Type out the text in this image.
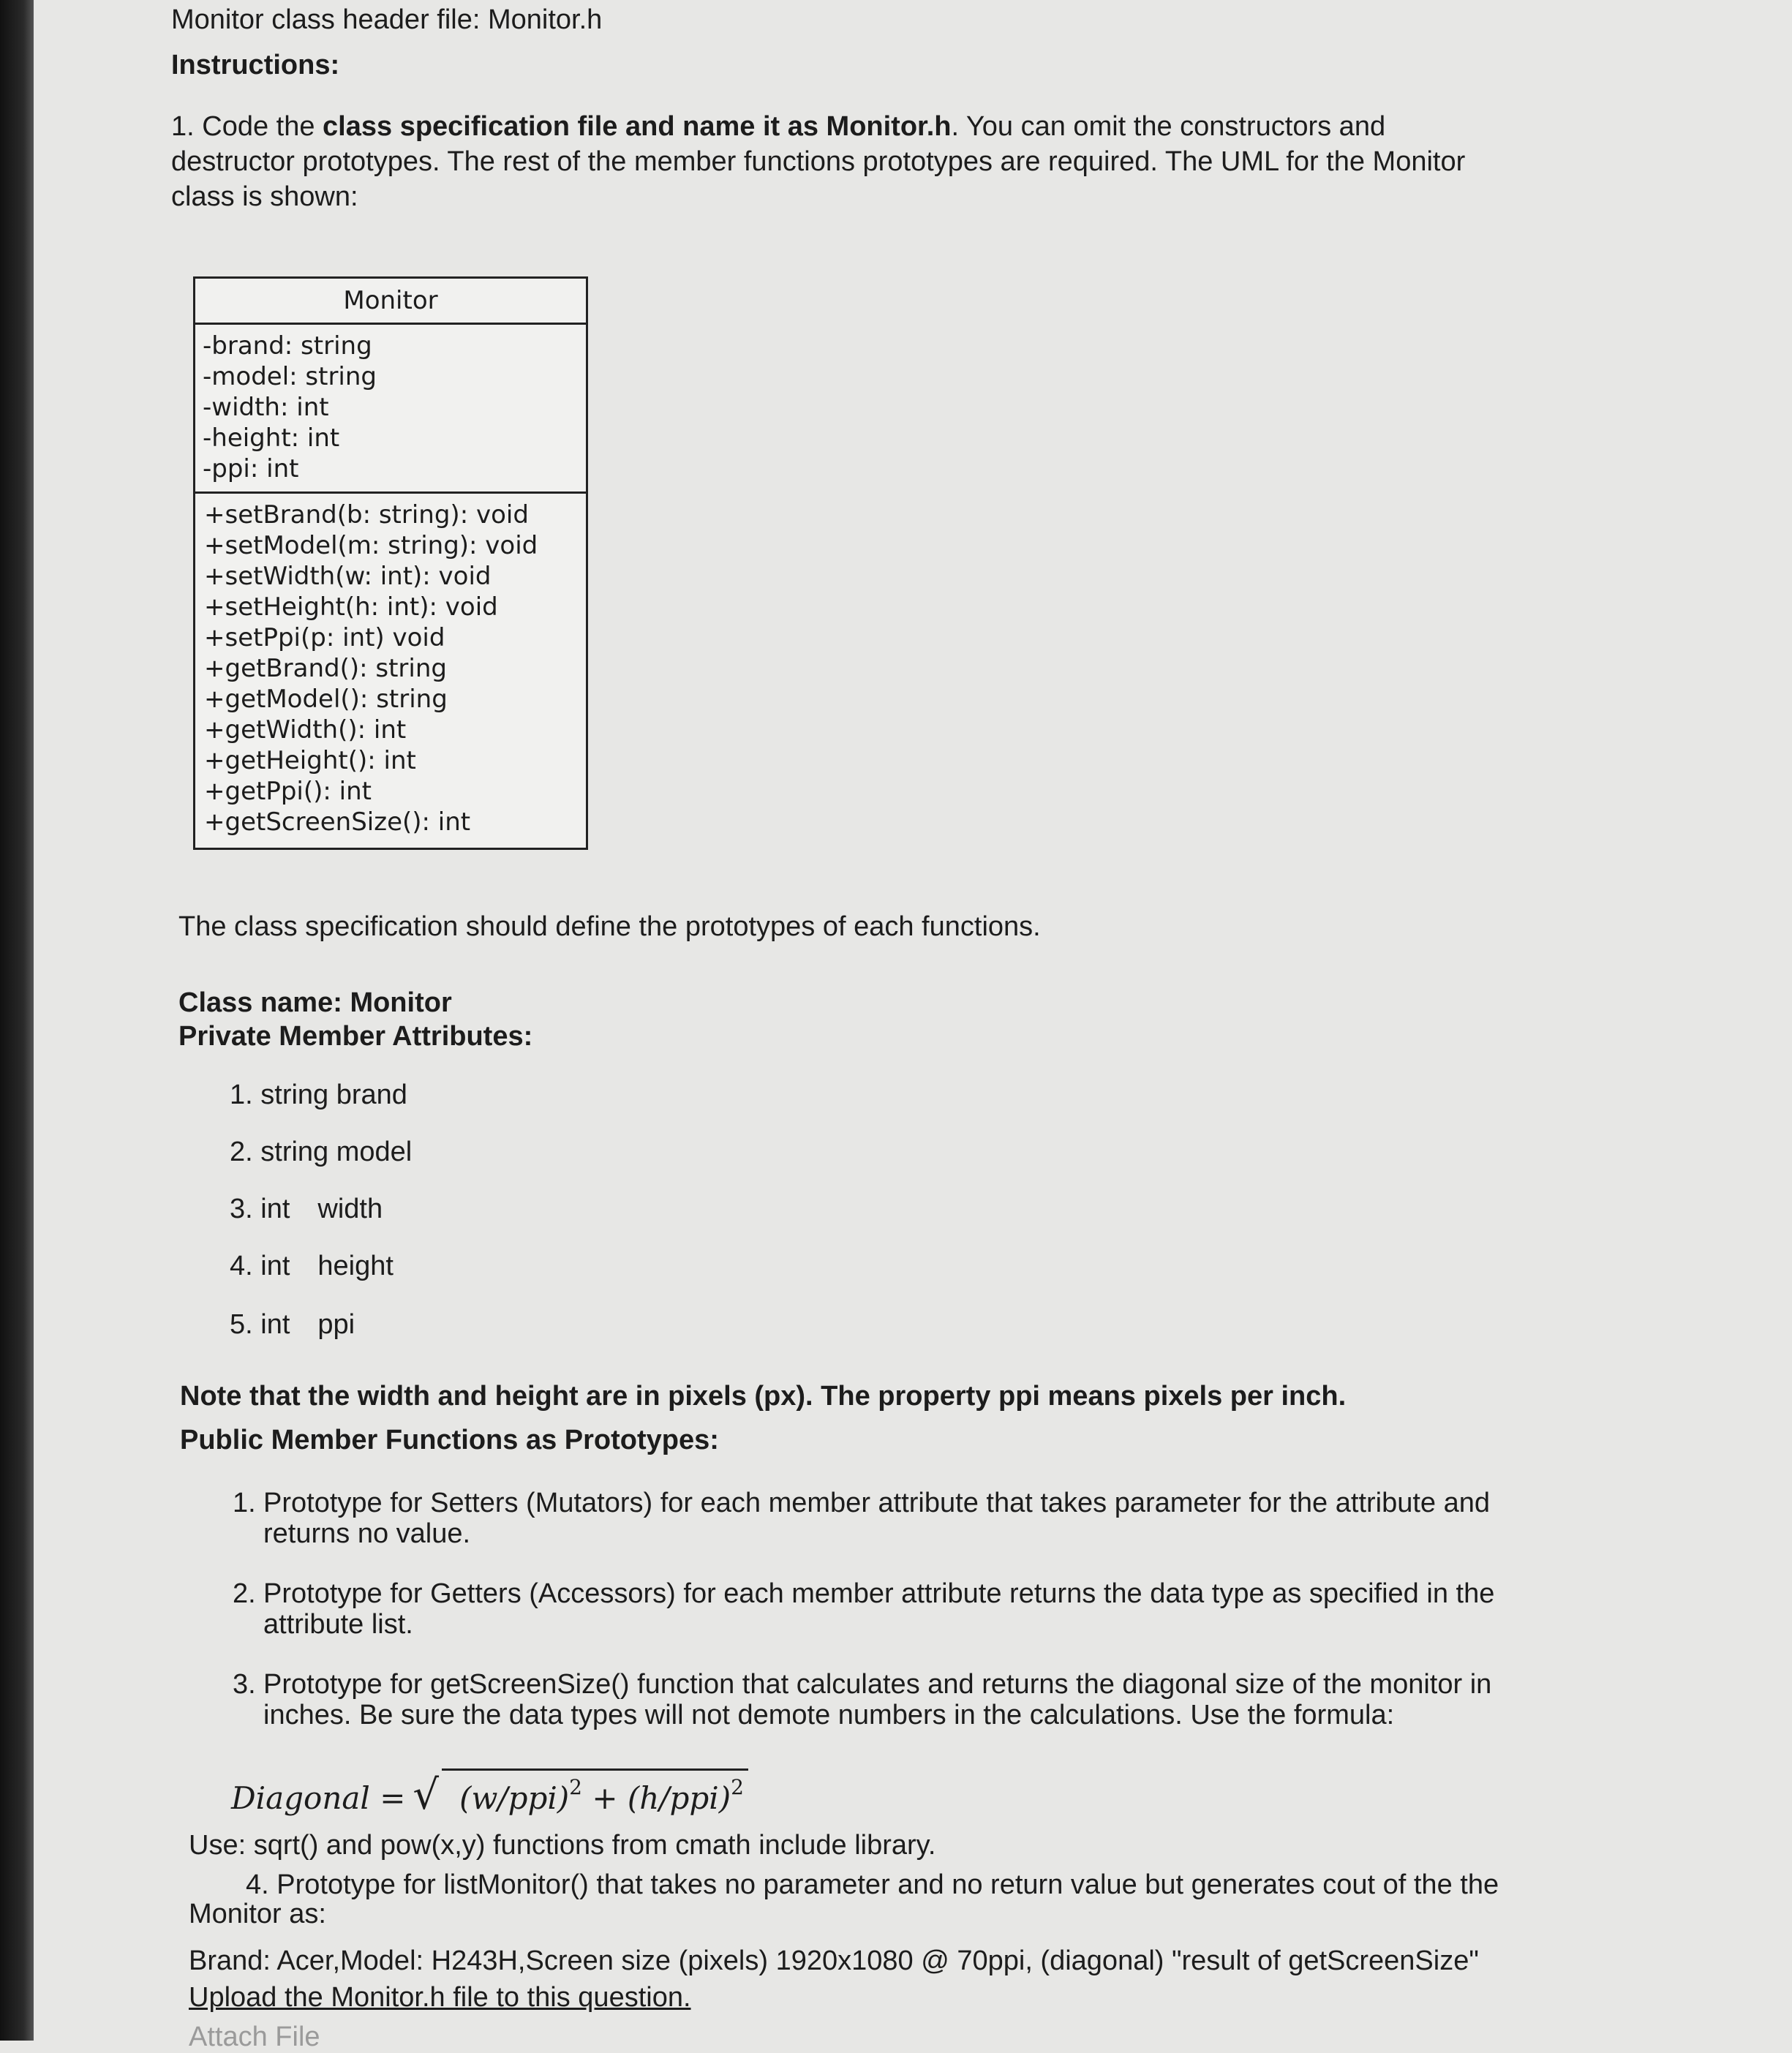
Monitor class header file: Monitor.h
Instructions:
1. Code the class specification file and name it as Monitor.h. You can omit the constructors and
destructor prototypes. The rest of the member functions prototypes are required. The UML for the Monitor
class is shown:
Monitor
-brand: string
-model: string
-width: int
-height: int
-ppi: int
+setBrand(b: string): void
+setModel(m: string): void
+setWidth(w: int): void
+setHeight(h: int): void
+setPpi(p: int) void
+getBrand(): string
+getModel(): string
+getWidth(): int
+getHeight(): int
+getPpi(): int
+getScreenSize(): int
The class specification should define the prototypes of each functions.
Class name: Monitor
Private Member Attributes:
1. string brand
2. string model
3. int width
4. int height
5. int ppi
Note that the width and height are in pixels (px). The property ppi means pixels per inch.
Public Member Functions as Prototypes:
1. Prototype for Setters (Mutators) for each member attribute that takes parameter for the attribute and
returns no value.
2. Prototype for Getters (Accessors) for each member attribute returns the data type as specified in the
attribute list.
3. Prototype for getScreenSize() function that calculates and returns the diagonal size of the monitor in
inches. Be sure the data types will not demote numbers in the calculations. Use the formula:
Diagonal = √ $(w/ppi)^2 + (h/ppi)^2$
Use: sqrt() and pow(x,y) functions from cmath include library.
4. Prototype for listMonitor() that takes no parameter and no return value but generates cout of the the
Monitor as:
Brand: Acer,Model: H243H,Screen size (pixels) 1920x1080 @ 70ppi, (diagonal) "result of getScreenSize"
Upload the Monitor.h file to this question.
Attach File
